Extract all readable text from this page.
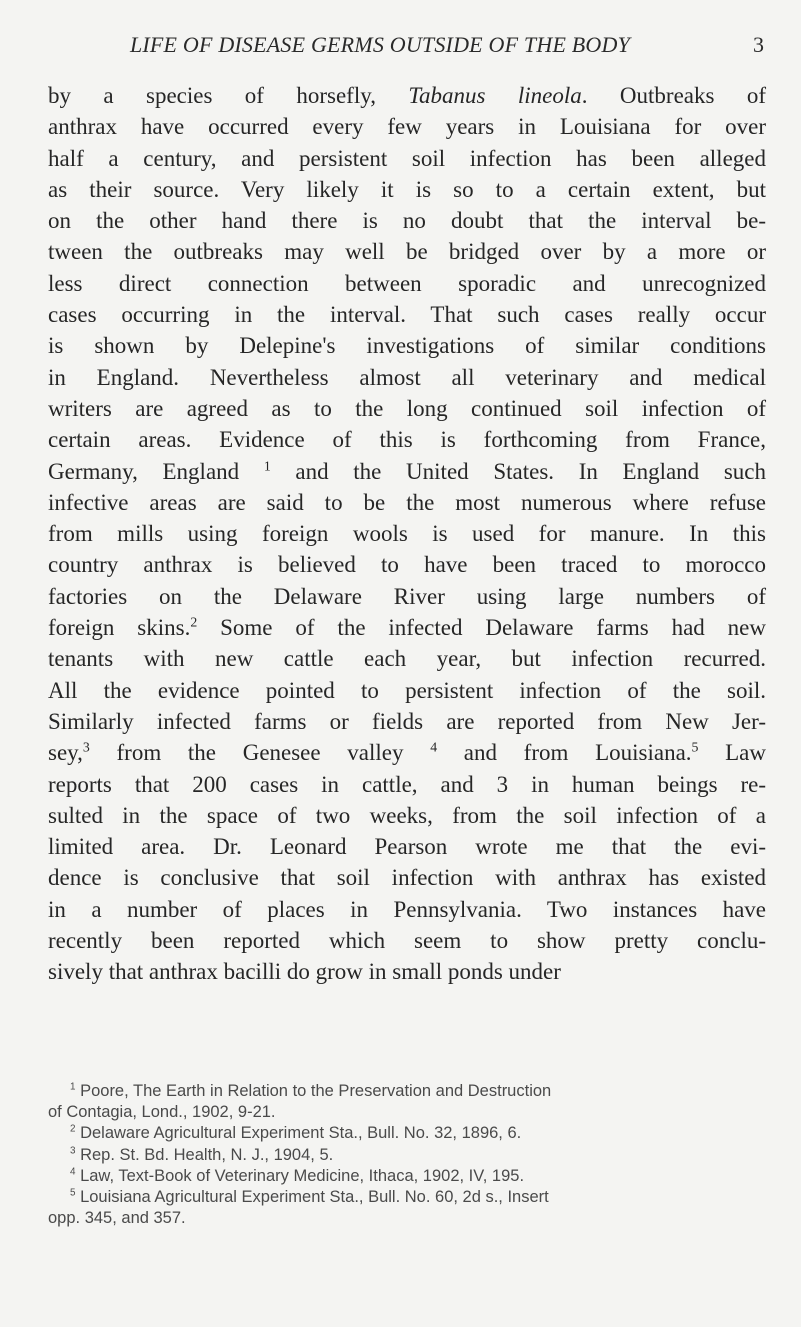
LIFE OF DISEASE GERMS OUTSIDE OF THE BODY	3
by a species of horsefly, Tabanus lineola. Outbreaks of
anthrax have occurred every few years in Louisiana for over
half a century, and persistent soil infection has been alleged
as their source. Very likely it is so to a certain extent, but
on the other hand there is no doubt that the interval be-
tween the outbreaks may well be bridged over by a more or
less direct connection between sporadic and unrecognized
cases occurring in the interval. That such cases really occur
is shown by Delepine's investigations of similar conditions
in England. Nevertheless almost all veterinary and medical
writers are agreed as to the long continued soil infection of
certain areas. Evidence of this is forthcoming from France,
Germany, England $^1$ and the United States. In England such
infective areas are said to be the most numerous where refuse
from mills using foreign wools is used for manure. In this
country anthrax is believed to have been traced to morocco
factories on the Delaware River using large numbers of
foreign skins.$^2$ Some of the infected Delaware farms had new
tenants with new cattle each year, but infection recurred.
All the evidence pointed to persistent infection of the soil.
Similarly infected farms or fields are reported from New Jer-
sey,$^3$ from the Genesee valley $^4$ and from Louisiana.$^5$ Law
reports that 200 cases in cattle, and 3 in human beings re-
sulted in the space of two weeks, from the soil infection of a
limited area. Dr. Leonard Pearson wrote me that the evi-
dence is conclusive that soil infection with anthrax has existed
in a number of places in Pennsylvania. Two instances have
recently been reported which seem to show pretty conclu-
sively that anthrax bacilli do grow in small ponds under
$^1$ Poore, The Earth in Relation to the Preservation and Destruction
of Contagia, Lond., 1902, 9-21.
$^2$ Delaware Agricultural Experiment Sta., Bull. No. 32, 1896, 6.
$^3$ Rep. St. Bd. Health, N. J., 1904, 5.
$^4$ Law, Text-Book of Veterinary Medicine, Ithaca, 1902, IV, 195.
$^5$ Louisiana Agricultural Experiment Sta., Bull. No. 60, 2d s., Insert
opp. 345, and 357.
